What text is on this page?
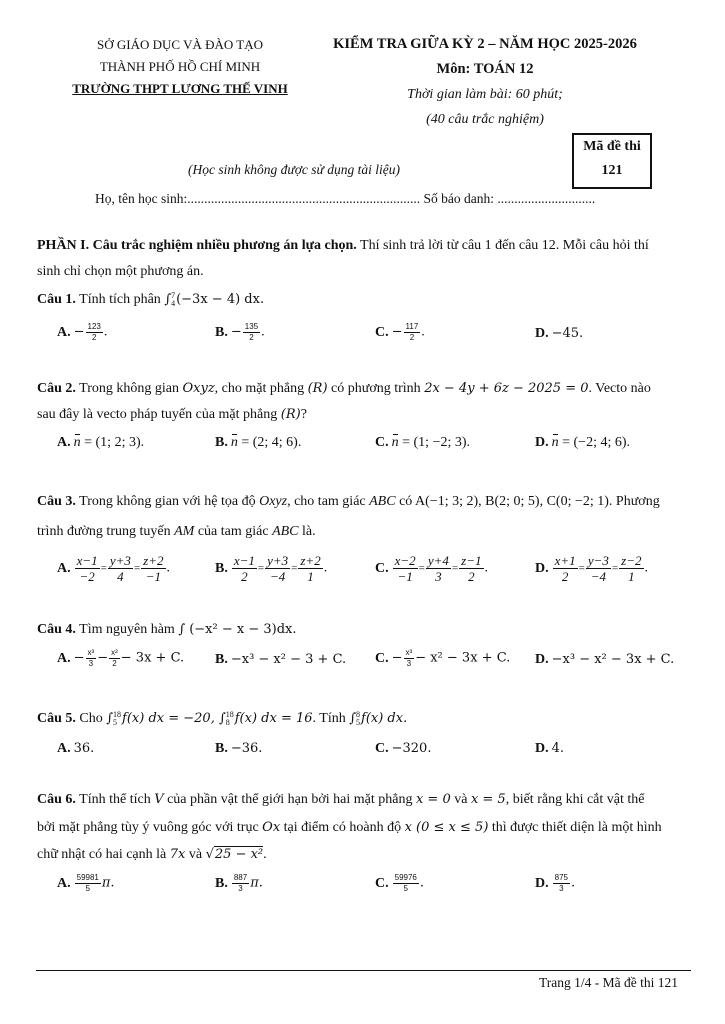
SỞ GIÁO DỤC VÀ ĐÀO TẠO
THÀNH PHỐ HỒ CHÍ MINH
TRƯỜNG THPT LƯƠNG THẾ VINH
KIỂM TRA GIỮA KỲ 2 – NĂM HỌC 2025-2026
Môn: TOÁN 12
Thời gian làm bài: 60 phút;
(40 câu trắc nghiệm)
Mã đề thi
121
(Học sinh không được sử dụng tài liệu)
Họ, tên học sinh:..................................................................... Số báo danh: .............................
PHẦN I. Câu trắc nghiệm nhiều phương án lựa chọn. Thí sinh trả lời từ câu 1 đến câu 12. Mỗi câu hỏi thí
sinh chỉ chọn một phương án.
Câu 1. Tính tích phân ∫ 7
4 (−3x − 4) dx.
A. − $\frac{123}{2}$ .	B. − $\frac{135}{2}$ .	C. − $\frac{117}{2}$ .	D. −45.
Câu 2. Trong không gian Oxyz, cho mặt phẳng (R) có phương trình 2x − 4y + 6z − 2025 = 0. Vecto nào
sau đây là vecto pháp tuyến của mặt phẳng (R)?
A. n = (1; 2; 3).	B. n = (2; 4; 6).	C. n = (1; −2; 3).	D. n = (−2; 4; 6).
Câu 3. Trong không gian với hệ tọa độ Oxyz, cho tam giác ABC có A(−1; 3; 2), B(2; 0; 5), C(0; −2; 1). Phương
trình đường trung tuyến AM của tam giác ABC là.
A. $\frac{x-1}{-2} = \frac{y+3}{4} = \frac{z+2}{-1}$ .	B. $\frac{x-1}{2} = \frac{y+3}{-4} = \frac{z+2}{1}$ .	C. $\frac{x-2}{-1} = \frac{y+4}{3} = \frac{z-1}{2}$ .	D. $\frac{x+1}{2} = \frac{y-3}{-4} = \frac{z-2}{1}$ .
Câu 4. Tìm nguyên hàm ∫ (−x² − x − 3)dx.
A. − $\frac{\text{x³}}{3} - \frac{\text{x²}}{2} - 3x + C$. B. −x³ − x² − 3 + C. C. − $\frac{\text{x³}}{3} - x^2 - 3x + C$. D. −x³ − x² − 3x + C.
Câu 5. Cho ∫ 18
5 f(x) dx = −20, ∫ 18
8 f(x) dx = 16. Tính ∫ 8
5 f(x) dx.
A. 36.	B. −36.	C. −320.	D. 4.
Câu 6. Tính thể tích V của phần vật thể giới hạn bởi hai mặt phẳng x = 0 và x = 5, biết rằng khi cắt vật thể
bởi mặt phẳng tùy ý vuông góc với trục Ox tại điểm có hoành độ x (0 ≤ x ≤ 5) thì được thiết diện là một hình
chữ nhật có hai cạnh là 7x và √25 − x².
A. $\frac{59981}{5} \pi$.	B. $\frac{887}{3} \pi$.	C. $\frac{59976}{5}$ .	D. $\frac{875}{3}$ .
Trang 1/4 - Mã đề thi 121
